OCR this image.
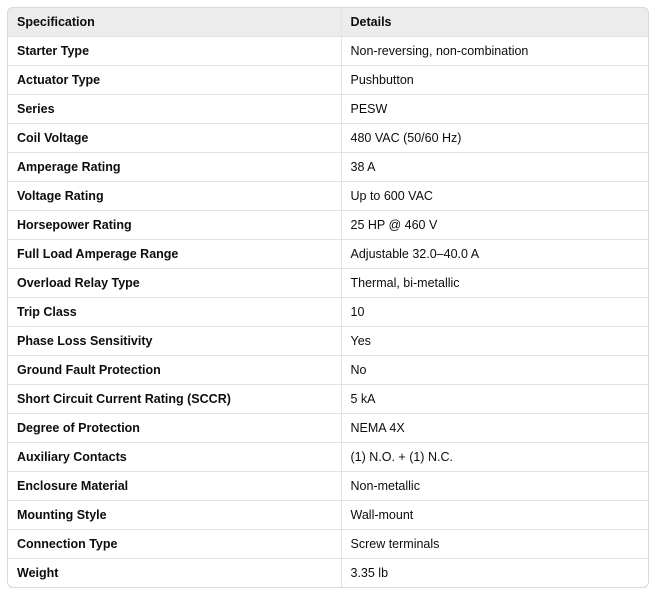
Specification	Details
Starter Type	Non-reversing, non-combination
Actuator Type	Pushbutton
Series	PESW
Coil Voltage	480 VAC (50/60 Hz)
Amperage Rating	38 A
Voltage Rating	Up to 600 VAC
Horsepower Rating	25 HP @ 460 V
Full Load Amperage Range	Adjustable 32.0–40.0 A
Overload Relay Type	Thermal, bi-metallic
Trip Class	10
Phase Loss Sensitivity	Yes
Ground Fault Protection	No
Short Circuit Current Rating (SCCR)	5 kA
Degree of Protection	NEMA 4X
Auxiliary Contacts	(1) N.O. + (1) N.C.
Enclosure Material	Non-metallic
Mounting Style	Wall-mount
Connection Type	Screw terminals
Weight	3.35 lb
